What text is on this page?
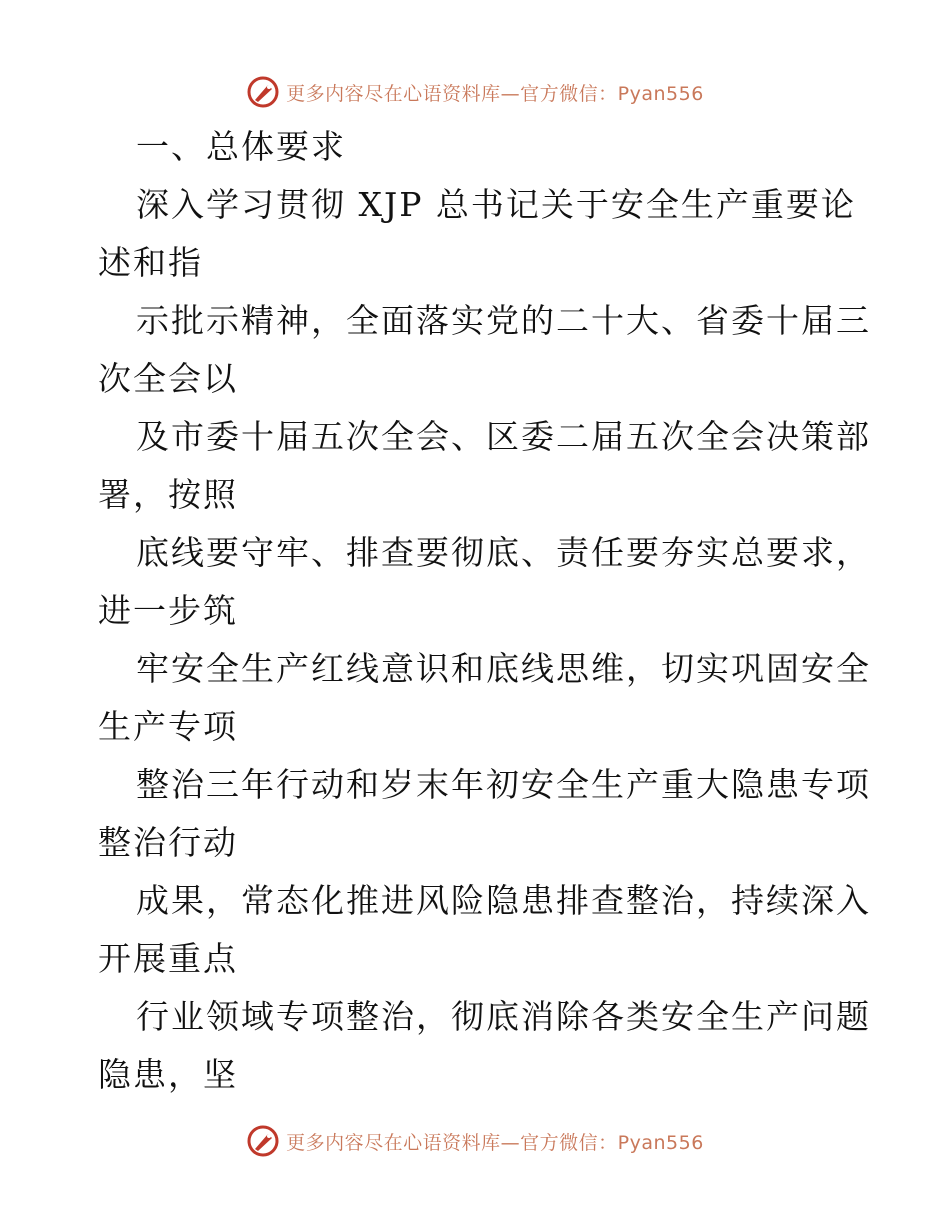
更多内容尽在心语资料库—官方微信：Pyan556

一、总体要求

深入学习贯彻 XJP 总书记关于安全生产重要论

述和指

示批示精神，全面落实党的二十大、省委十届三

次全会以

及市委十届五次全会、区委二届五次全会决策部

署，按照

底线要守牢、排查要彻底、责任要夯实总要求，

进一步筑

牢安全生产红线意识和底线思维，切实巩固安全

生产专项

整治三年行动和岁末年初安全生产重大隐患专项

整治行动

成果，常态化推进风险隐患排查整治，持续深入

开展重点

行业领域专项整治，彻底消除各类安全生产问题

隐患，坚

更多内容尽在心语资料库—官方微信：Pyan556
